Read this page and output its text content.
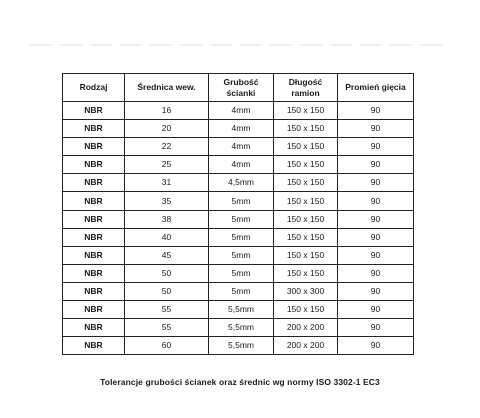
Rodzaj	Średnica wew.	Grubość ścianki	Długość ramion	Promień gięcia
NBR	16	4mm	150 x 150	90
NBR	20	4mm	150 x 150	90
NBR	22	4mm	150 x 150	90
NBR	25	4mm	150 x 150	90
NBR	31	4,5mm	150 x 150	90
NBR	35	5mm	150 x 150	90
NBR	38	5mm	150 x 150	90
NBR	40	5mm	150 x 150	90
NBR	45	5mm	150 x 150	90
NBR	50	5mm	150 x 150	90
NBR	50	5mm	300 x 300	90
NBR	55	5,5mm	150 x 150	90
NBR	55	5,5mm	200 x 200	90
NBR	60	5,5mm	200 x 200	90
Tolerancje grubości ścianek oraz średnic wg normy ISO 3302-1 EC3
